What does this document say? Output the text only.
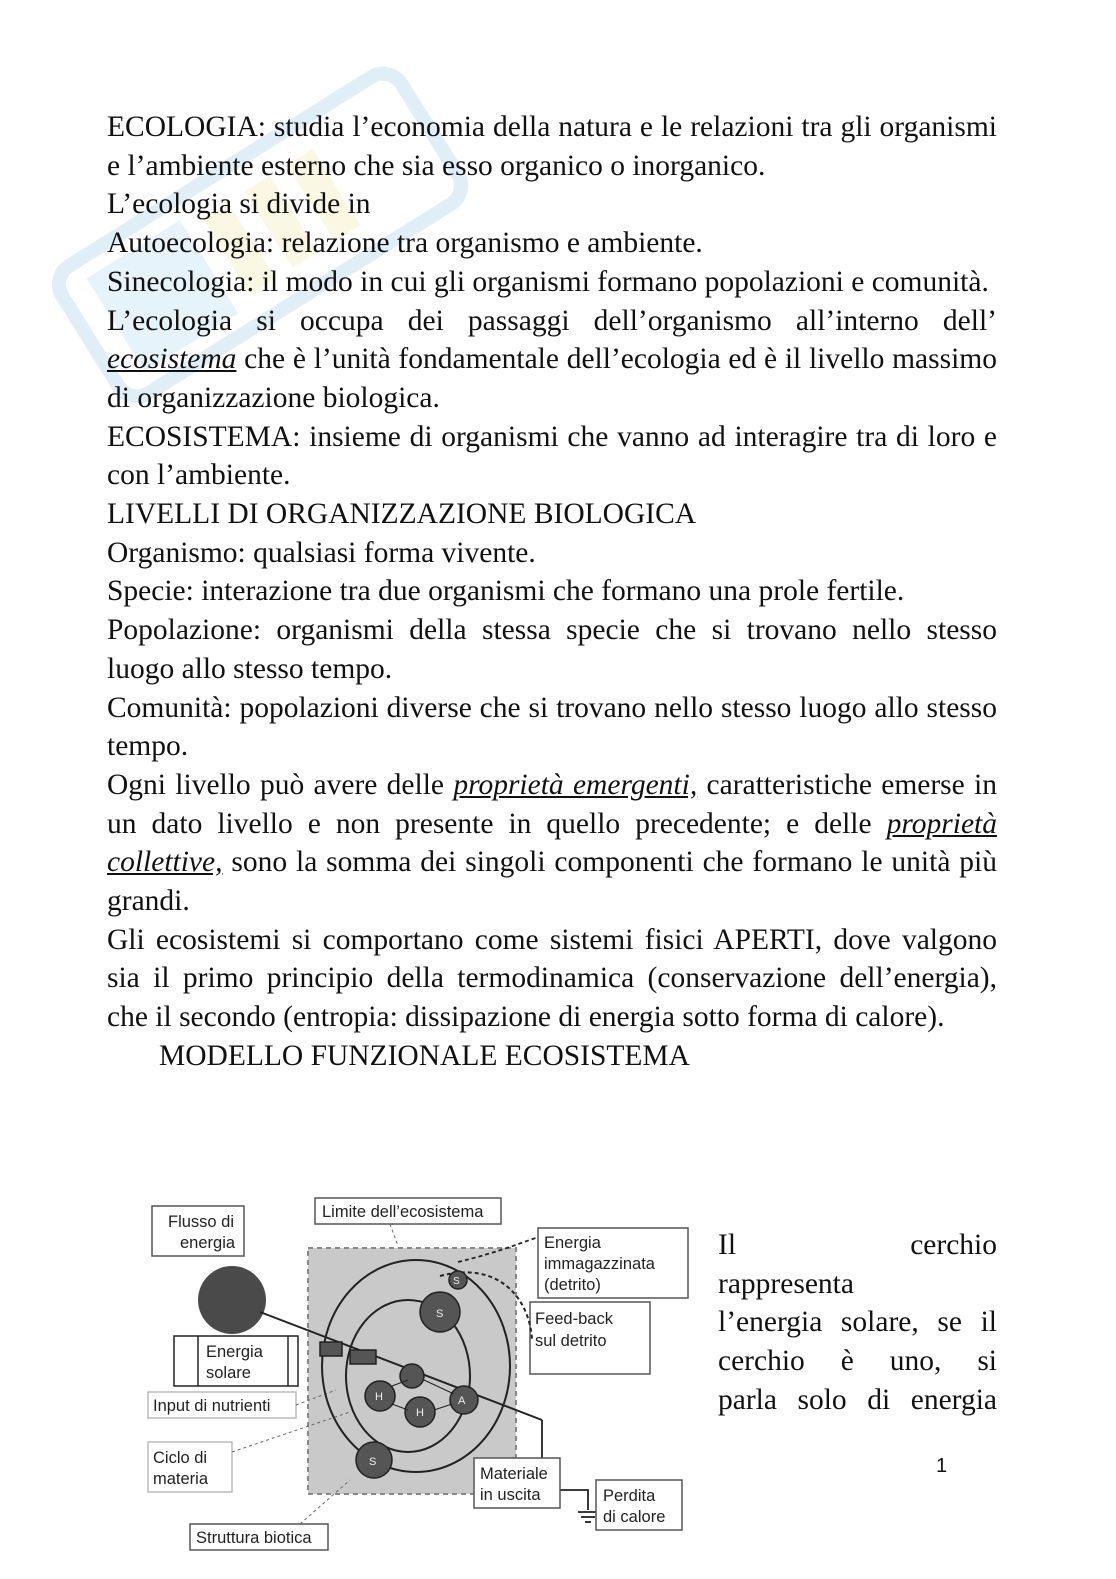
ECOLOGIA: studia l’economia della natura e le relazioni tra gli organismi e l’ambiente esterno che sia esso organico o inorganico.

L’ecologia si divide in

Autoecologia: relazione tra organismo e ambiente.

Sinecologia: il modo in cui gli organismi formano popolazioni e comunità.

L’ecologia si occupa dei passaggi dell’organismo all’interno dell’ ecosistema che è l’unità fondamentale dell’ecologia ed è il livello massimo di organizzazione biologica.

ECOSISTEMA: insieme di organismi che vanno ad interagire tra di loro e con l’ambiente.

LIVELLI DI ORGANIZZAZIONE BIOLOGICA

Organismo: qualsiasi forma vivente.

Specie: interazione tra due organismi che formano una prole fertile.

Popolazione: organismi della stessa specie che si trovano nello stesso luogo allo stesso tempo.

Comunità: popolazioni diverse che si trovano nello stesso luogo allo stesso tempo.

Ogni livello può avere delle proprietà emergenti, caratteristiche emerse in un dato livello e non presente in quello precedente; e delle proprietà collettive, sono la somma dei singoli componenti che formano le unità più grandi.

Gli ecosistemi si comportano come sistemi fisici APERTI, dove valgono sia il primo principio della termodinamica (conservazione dell’energia), che il secondo (entropia: dissipazione di energia sotto forma di calore).

MODELLO FUNZIONALE ECOSISTEMA

Flusso di
energia
Limite dell’ecosistema
Energia
immagazzinata
(detrito)
Feed-back
sul detrito
Energia
solare
Input di nutrienti
Ciclo di
materia
S
S
H
H
A
S
Materiale
in uscita	Perdita
di calore
Struttura biotica

Il cerchio

rappresenta

l’energia solare, se il

cerchio è uno, si

parla solo di energia

1
